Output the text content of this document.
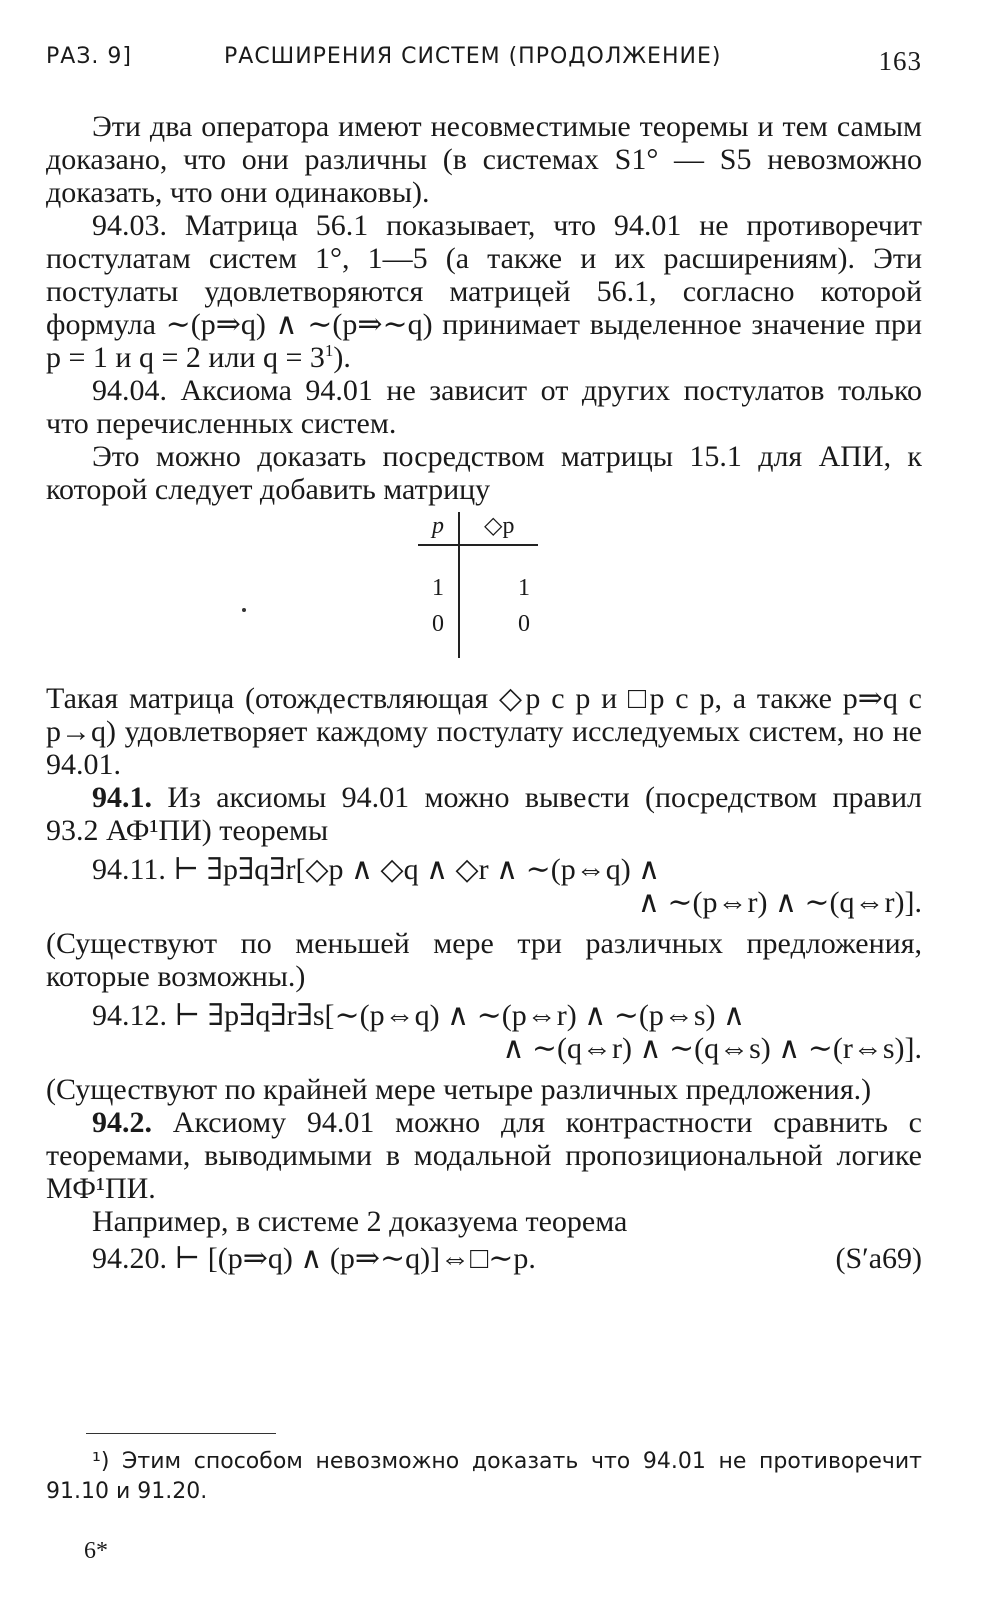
РАЗ. 9]	РАСШИРЕНИЯ СИСТЕМ (ПРОДОЛЖЕНИЕ)	163

Эти два оператора имеют несовместимые теоремы и тем самым доказано, что они различны (в системах S1° — S5 невозможно доказать, что они одинаковы).

94.03. Матрица 56.1 показывает, что 94.01 не противоречит постулатам систем 1°, 1—5 (а также и их расширениям). Эти постулаты удовлетворяются матрицей 56.1, согласно которой формула ∼(p⇒q) ∧ ∼(p⇒∼q) принимает выделенное значение при p = 1 и q = 2 или $q = 3^1$).

94.04. Аксиома 94.01 не зависит от других постулатов только что перечисленных систем.

Это можно доказать посредством матрицы 15.1 для АПИ, к которой следует добавить матрицу

p ◇p
1	1
0	0

Такая матрица (отождествляющая ◇p с p и □p с p, а также p⇒q с p→q) удовлетворяет каждому постулату исследуемых систем, но не 94.01.

94.1. Из аксиомы 94.01 можно вывести (посредством правил 93.2 АФ¹ПИ) теоремы

94.11. ⊢ ∃p∃q∃r[◇p ∧ ◇q ∧ ◇r ∧ ∼(p⇔q) ∧
∧ ∼(p⇔r) ∧ ∼(q⇔r)].

(Существуют по меньшей мере три различных предложения, которые возможны.)

94.12. ⊢ ∃p∃q∃r∃s[∼(p⇔q) ∧ ∼(p⇔r) ∧ ∼(p⇔s) ∧
∧ ∼(q⇔r) ∧ ∼(q⇔s) ∧ ∼(r⇔s)].

(Существуют по крайней мере четыре различных предложения.)

94.2. Аксиому 94.01 можно для контрастности сравнить с теоремами, выводимыми в модальной пропозициональной логике МФ¹ПИ.

Например, в системе 2 доказуема теорема

94.20. ⊢ [(p⇒q) ∧ (p⇒∼q)]⇔□∼p.	(S′a69)

¹) Этим способом невозможно доказать что 94.01 не противоречит 91.10 и 91.20.

6*
